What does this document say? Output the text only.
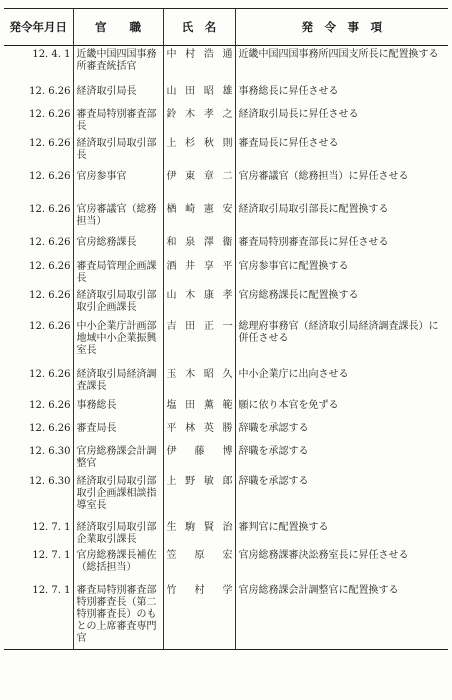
発令年月日	官　　職	氏　名	発　令　事　項
12. 4. 1	近畿中国四国事務所審査統括官	中 村 浩 通	近畿中国四国事務所四国支所長に配置換する
12. 6.26	経済取引局長	山 田 昭 雄	事務総長に昇任させる
12. 6.26	審査局特別審査部長	鈴 木 孝 之	経済取引局長に昇任させる
12. 6.26	経済取引局取引部長	上 杉 秋 則	審査局長に昇任させる
12. 6.26	官房参事官	伊 東 章 二	官房審議官（総務担当）に昇任させる
12. 6.26	官房審議官（総務担当）	楢 崎 憲 安	経済取引局取引部長に配置換する
12. 6.26	官房総務課長	和 泉 澤 衞	審査局特別審査部長に昇任させる
12. 6.26	審査局管理企画課長	酒 井 享 平	官房参事官に配置換する
12. 6.26	経済取引局取引部取引企画課長	山 木 康 孝	官房総務課長に配置換する
12. 6.26	中小企業庁計画部地域中小企業振興室長	吉 田 正 一	総理府事務官（経済取引局経済調査課長）に併任させる
12. 6.26	経済取引局経済調査課長	玉 木 昭 久	中小企業庁に出向させる
12. 6.26	事務総長	塩 田 薫 範	願に依り本官を免ずる
12. 6.26	審査局長	平 林 英 勝	辞職を承認する
12. 6.30	官房総務課会計調整官	伊 藤 博	辞職を承認する
12. 6.30	経済取引局取引部取引企画課相談指導室長	上 野 敏 郎	辞職を承認する
12. 7. 1	経済取引局取引部企業取引課長	生 駒 賢 治	審判官に配置換する
12. 7. 1	官房総務課長補佐（総括担当）	笠 原 宏	官房総務課審決訟務室長に昇任させる
12. 7. 1	審査局特別審査部特別審査長（第二特別審査長）のもとの上席審査専門官	竹 村 学	官房総務課会計調整官に配置換する
